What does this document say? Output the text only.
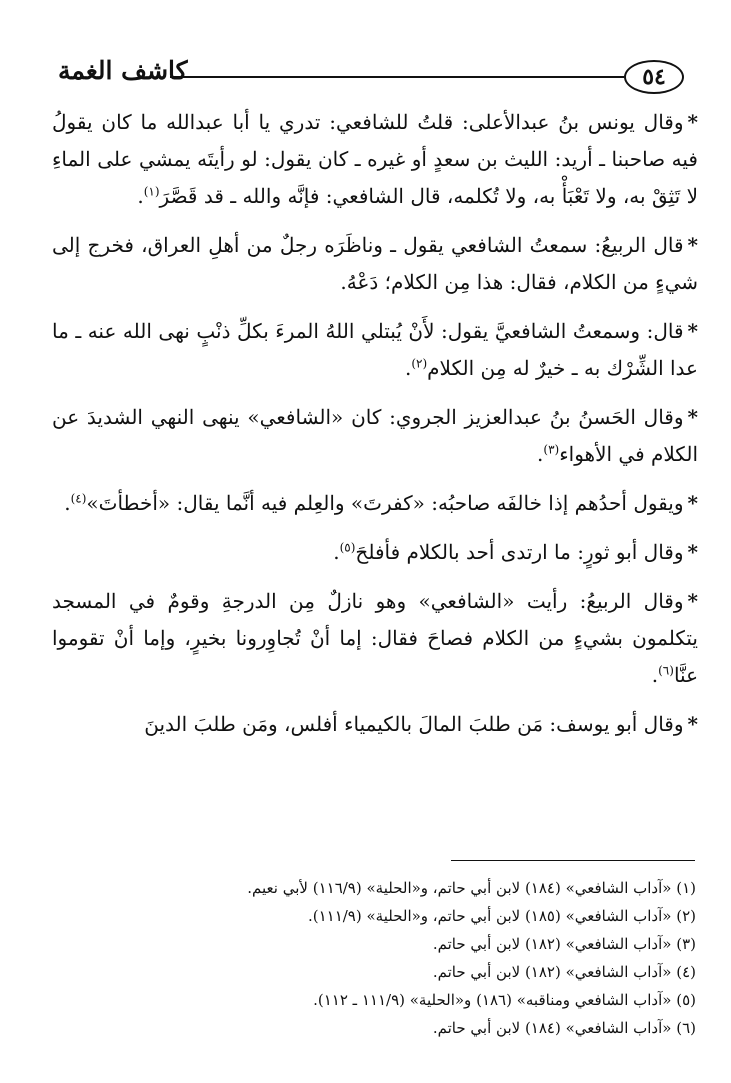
٥٤
كاشف الغمة

*وقال يونس بنُ عبدالأعلى: قلتُ للشافعي: تدري يا أبا عبدالله ما كان يقولُ فيه صاحبنا ـ أريد: الليث بن سعدٍ أو غيره ـ كان يقول: لو رأيتَه يمشي على الماءِ لا تَثِقْ به، ولا تَعْبَأْ به، ولا تُكلمه، قال الشافعي: فإنَّه والله ـ قد قَصَّرَ$^{(١)}$.

*قال الربيعُ: سمعتُ الشافعي يقول ـ وناظَرَه رجلٌ من أهلِ العراق، فخرج إلى شيءٍ من الكلام، فقال: هذا مِن الكلام؛ دَعْهُ.

*قال: وسمعتُ الشافعيَّ يقول: لأَنْ يُبتلي اللهُ المرءَ بكلِّ ذنْبٍ نهى الله عنه ـ ما عدا الشِّرْك به ـ خيرٌ له مِن الكلام$^{(٢)}$.

*وقال الحَسنُ بنُ عبدالعزيز الجروي: كان «الشافعي» ينهى النهي الشديدَ عن الكلام في الأهواء$^{(٣)}$.

*ويقول أحدُهم إذا خالفَه صاحبُه: «كفرتَ» والعِلم فيه أنَّما يقال: «أخطأتَ»$^{(٤)}$.

*وقال أبو ثورٍ: ما ارتدى أحد بالكلام فأفلحَ$^{(٥)}$.

*وقال الربيعُ: رأيت «الشافعي» وهو نازلٌ مِن الدرجةِ وقومٌ في المسجد يتكلمون بشيءٍ من الكلام فصاحَ فقال: إما أنْ تُجاوِرونا بخيرٍ، وإما أنْ تقوموا عنَّا$^{(٦)}$.

*وقال أبو يوسف: مَن طلبَ المالَ بالكيمياء أفلس، ومَن طلبَ الدينَ

(١) «آداب الشافعي» (١٨٤) لابن أبي حاتم، و«الحلية» (١١٦/٩) لأبي نعيم.
(٢) «آداب الشافعي» (١٨٥) لابن أبي حاتم، و«الحلية» (١١١/٩).
(٣) «آداب الشافعي» (١٨٢) لابن أبي حاتم.
(٤) «آداب الشافعي» (١٨٢) لابن أبي حاتم.
(٥) «آداب الشافعي ومناقبه» (١٨٦) و«الحلية» (١١١/٩ ـ ١١٢).
(٦) «آداب الشافعي» (١٨٤) لابن أبي حاتم.
